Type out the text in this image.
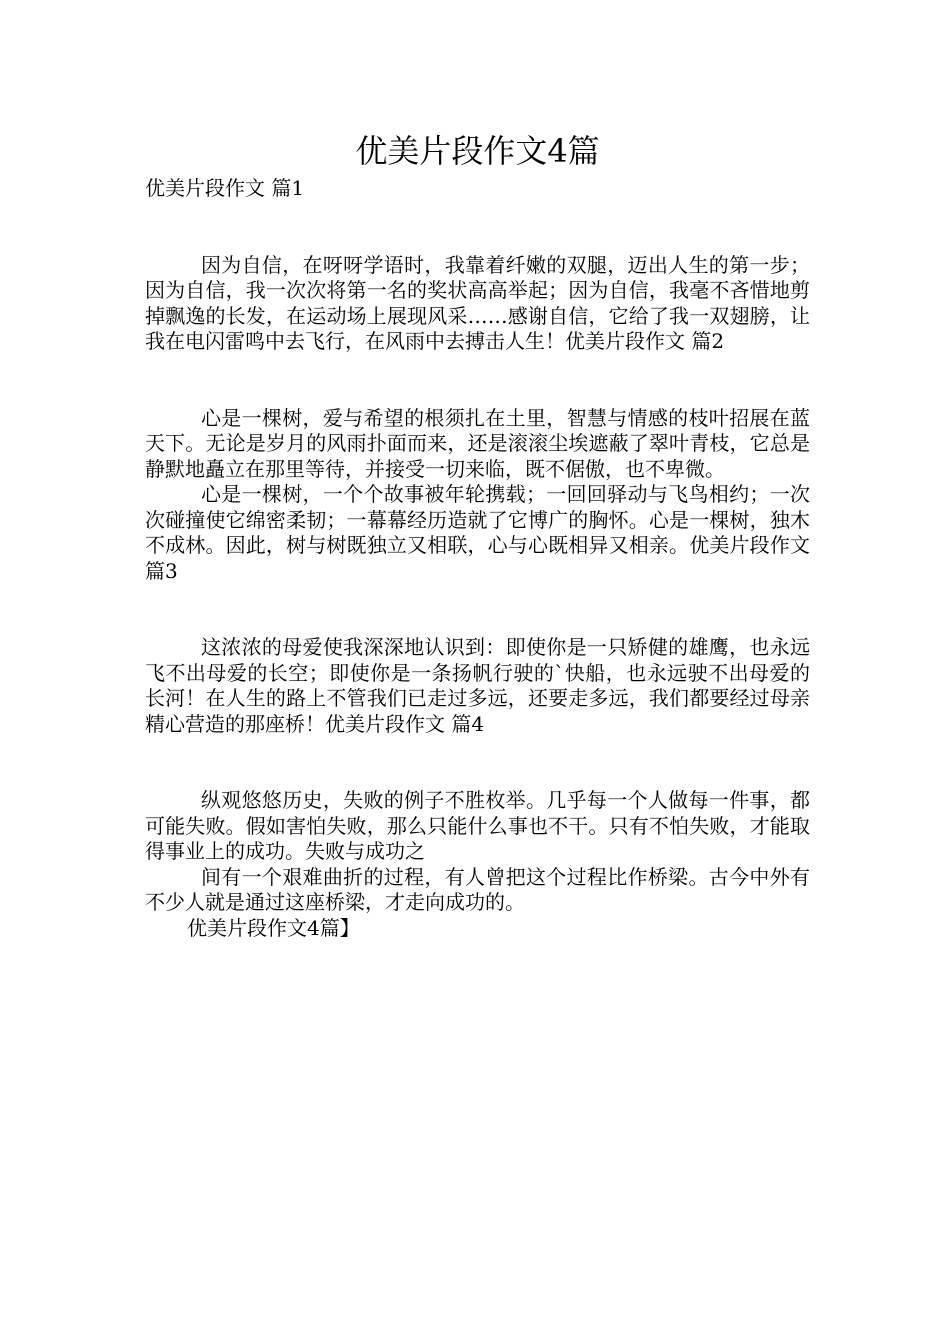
优美片段作文4篇

优美片段作文 篇1

因为自信，在呀呀学语时，我靠着纤嫩的双腿，迈出人生的第一步；因为自信，我一次次将第一名的奖状高高举起；因为自信，我毫不吝惜地剪掉飘逸的长发，在运动场上展现风采……感谢自信，它给了我一双翅膀，让我在电闪雷鸣中去飞行，在风雨中去搏击人生！优美片段作文 篇2

心是一棵树，爱与希望的根须扎在土里，智慧与情感的枝叶招展在蓝天下。无论是岁月的风雨扑面而来，还是滚滚尘埃遮蔽了翠叶青枝，它总是静默地矗立在那里等待，并接受一切来临，既不倨傲，也不卑微。

心是一棵树，一个个故事被年轮携载；一回回驿动与飞鸟相约；一次次碰撞使它绵密柔韧；一幕幕经历造就了它博广的胸怀。心是一棵树，独木不成林。因此，树与树既独立又相联，心与心既相异又相亲。优美片段作文 篇3

这浓浓的母爱使我深深地认识到：即使你是一只矫健的雄鹰，也永远飞不出母爱的长空；即使你是一条扬帆行驶的`快船，也永远驶不出母爱的长河！在人生的路上不管我们已走过多远，还要走多远，我们都要经过母亲精心营造的那座桥！优美片段作文 篇4

纵观悠悠历史，失败的例子不胜枚举。几乎每一个人做每一件事，都可能失败。假如害怕失败，那么只能什么事也不干。只有不怕失败，才能取得事业上的成功。失败与成功之

间有一个艰难曲折的过程，有人曾把这个过程比作桥梁。古今中外有不少人就是通过这座桥梁，才走向成功的。

优美片段作文4篇】
